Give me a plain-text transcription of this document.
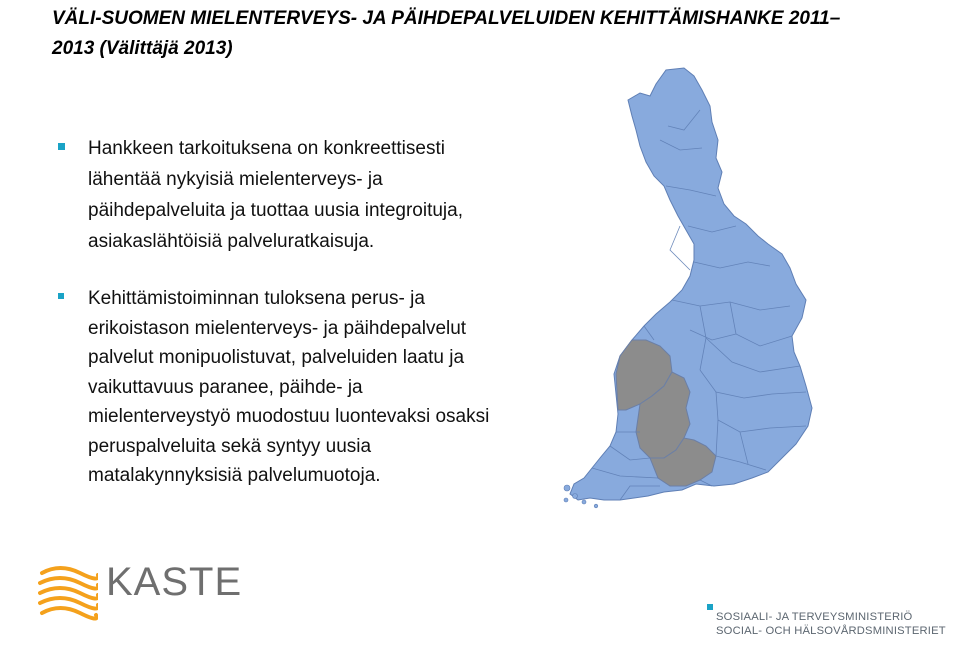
VÄLI-SUOMEN MIELENTERVEYS- JA PÄIHDEPALVELUIDEN KEHITTÄMISHANKE 2011–
2013 (Välittäjä 2013)
Hankkeen tarkoituksena on konkreettisesti
lähentää nykyisiä mielenterveys- ja
päihdepalveluita ja tuottaa uusia integroituja,
asiakaslähtöisiä palveluratkaisuja.
Kehittämistoiminnan tuloksena perus- ja
erikoistason mielenterveys- ja päihdepalvelut
palvelut monipuolistuvat, palveluiden laatu ja
vaikuttavuus paranee, päihde- ja
mielenterveystyö muodostuu luontevaksi osaksi
peruspalveluita sekä syntyy uusia
matalakynnyksisiä palvelumuotoja.
KASTE
SOSIAALI- JA TERVEYSMINISTERIÖ
SOCIAL- OCH HÄLSOVÅRDSMINISTERIET
